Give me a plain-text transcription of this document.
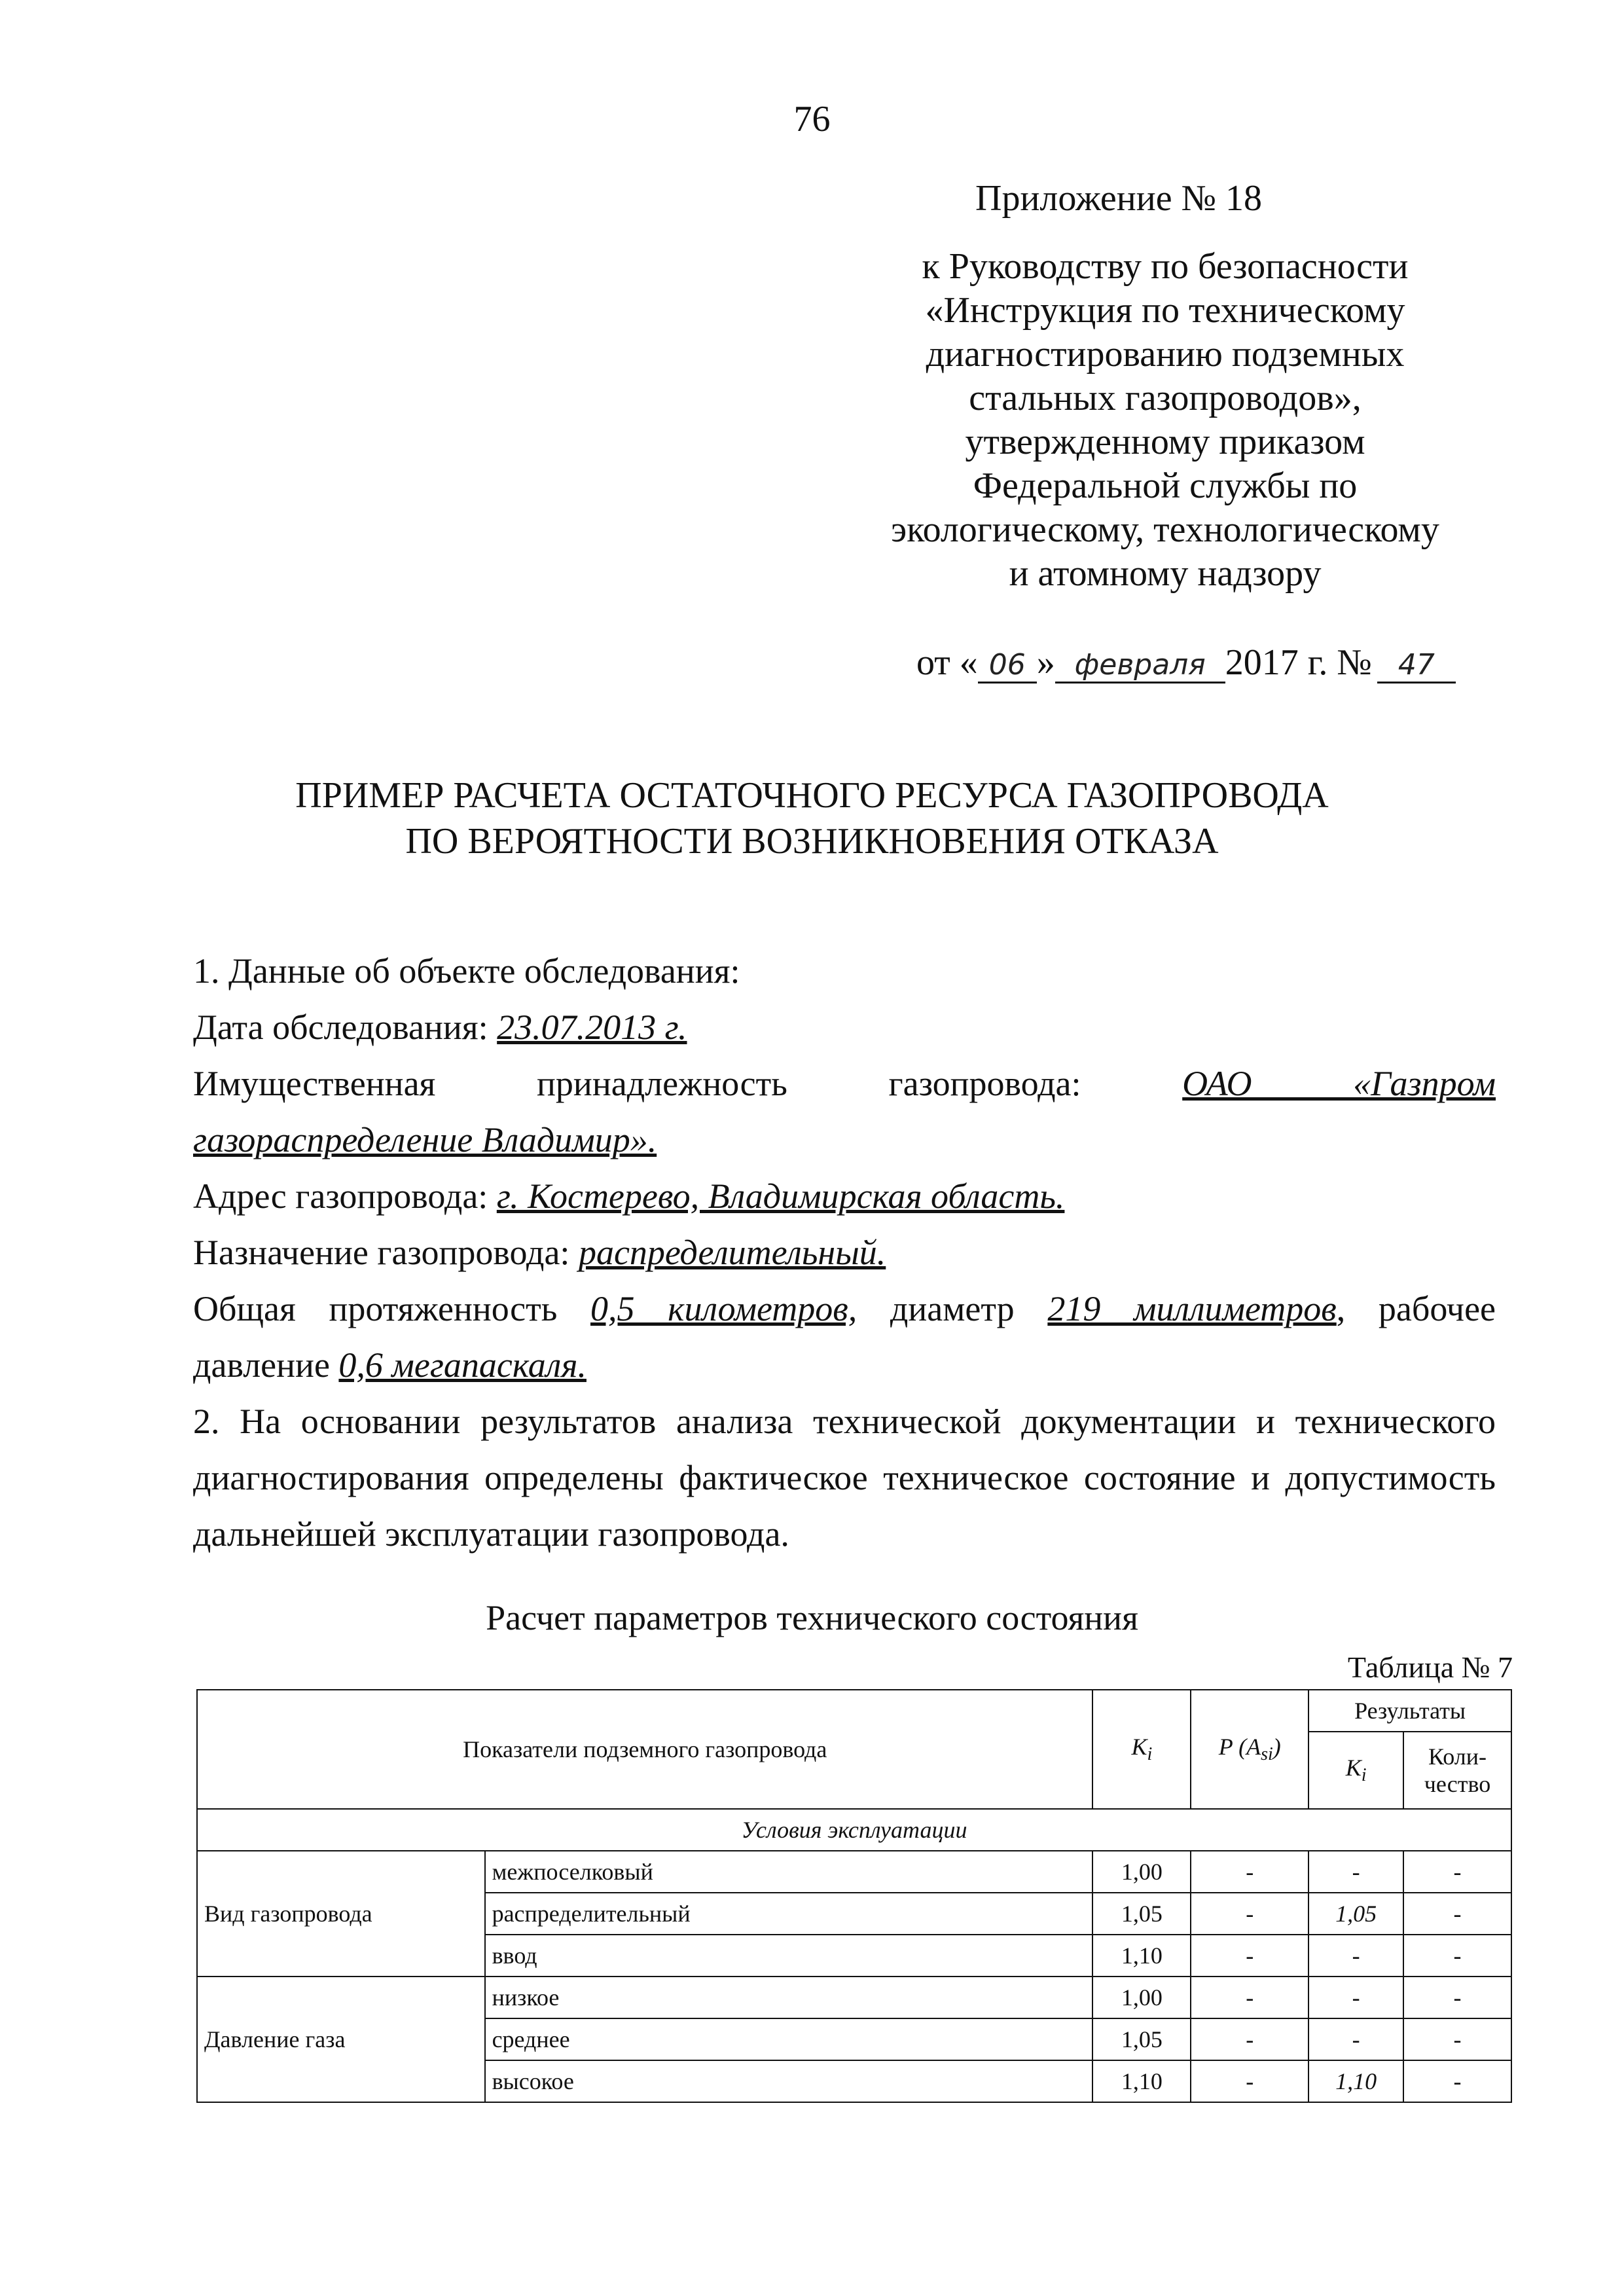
76
Приложение № 18
к Руководству по безопасности
«Инструкция по техническому
диагностированию подземных
стальных газопроводов»,
утвержденному приказом
Федеральной службы по
экологическому, технологическому
и атомному надзору
от « 06 » февраля 2017 г. № 47
ПРИМЕР РАСЧЕТА ОСТАТОЧНОГО РЕСУРСА ГАЗОПРОВОДА
ПО ВЕРОЯТНОСТИ ВОЗНИКНОВЕНИЯ ОТКАЗА

1. Данные об объекте обследования:

Дата обследования: 23.07.2013 г.

Имущественная принадлежность газопровода:	ОАО «Газпром

газораспределение Владимир».

Адрес газопровода: г. Костерево, Владимирская область.

Назначение газопровода: распределительный.

Общая протяженность 0,5 километров, диаметр 219 миллиметров, рабочее

давление 0,6 мегапаскаля.

2. На основании результатов анализа технической документации и технического диагностирования определены фактическое техническое состояние и допустимость дальнейшей эксплуатации газопровода.

Расчет параметров технического состояния
Таблица № 7
Показатели подземного газопровода		$K_i$	P $(A_{si})$	Результаты	
				$K_i$	Коли-чество
Условия эксплуатации					
Вид газопровода	межпоселковый	1,00	-	-	-
	распределительный	1,05	-	1,05	-
	ввод	1,10	-	-	-
Давление газа	низкое	1,00	-	-	-
	среднее	1,05	-	-	-
	высокое	1,10	-	1,10	-
